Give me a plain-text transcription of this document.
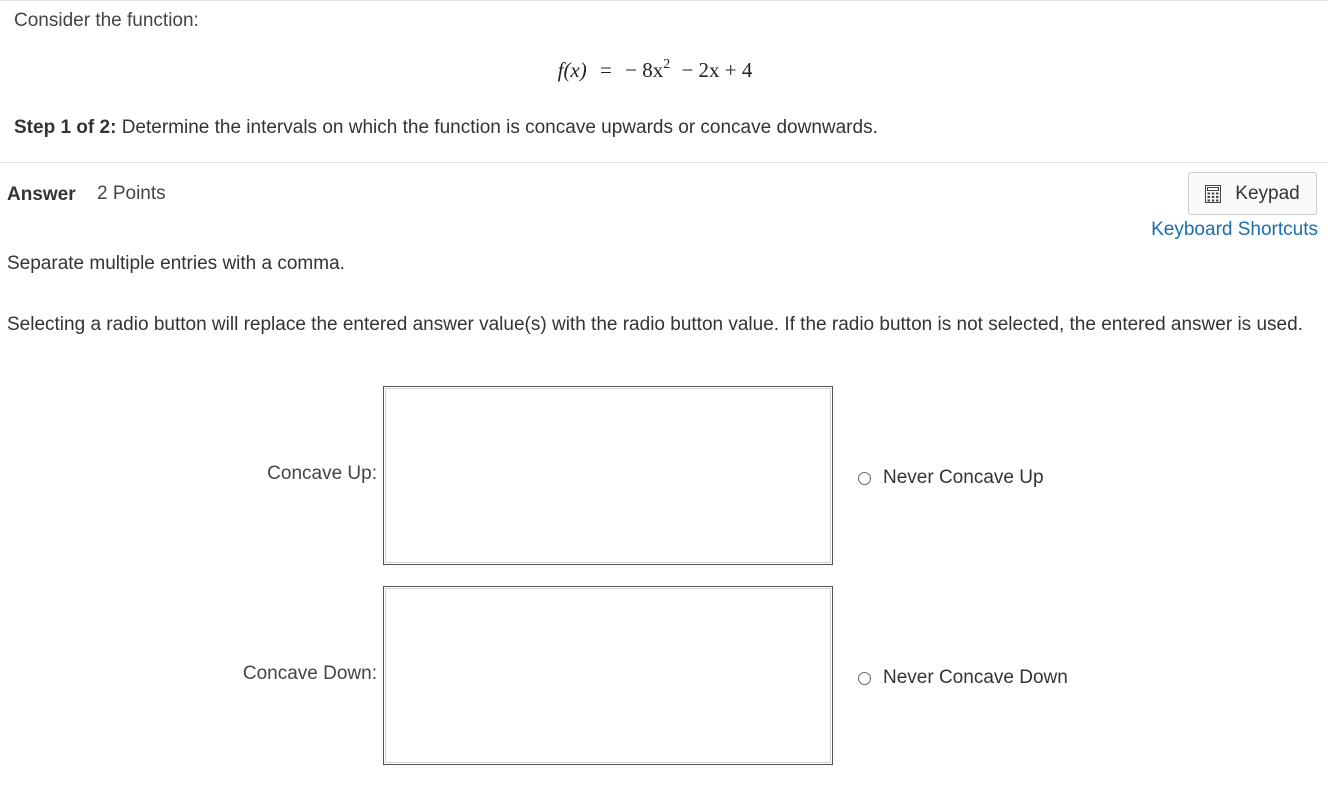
Consider the function:
f(x) = − $8x^2 - 2x + 4$
Step 1 of 2: Determine the intervals on which the function is concave upwards or concave downwards.
Answer 2 Points	Keypad
Keyboard Shortcuts
Separate multiple entries with a comma.
Selecting a radio button will replace the entered answer value(s) with the radio button value. If the radio button is not selected, the entered answer is used.
Concave Up:	Never Concave Up
Concave Down:	Never Concave Down
